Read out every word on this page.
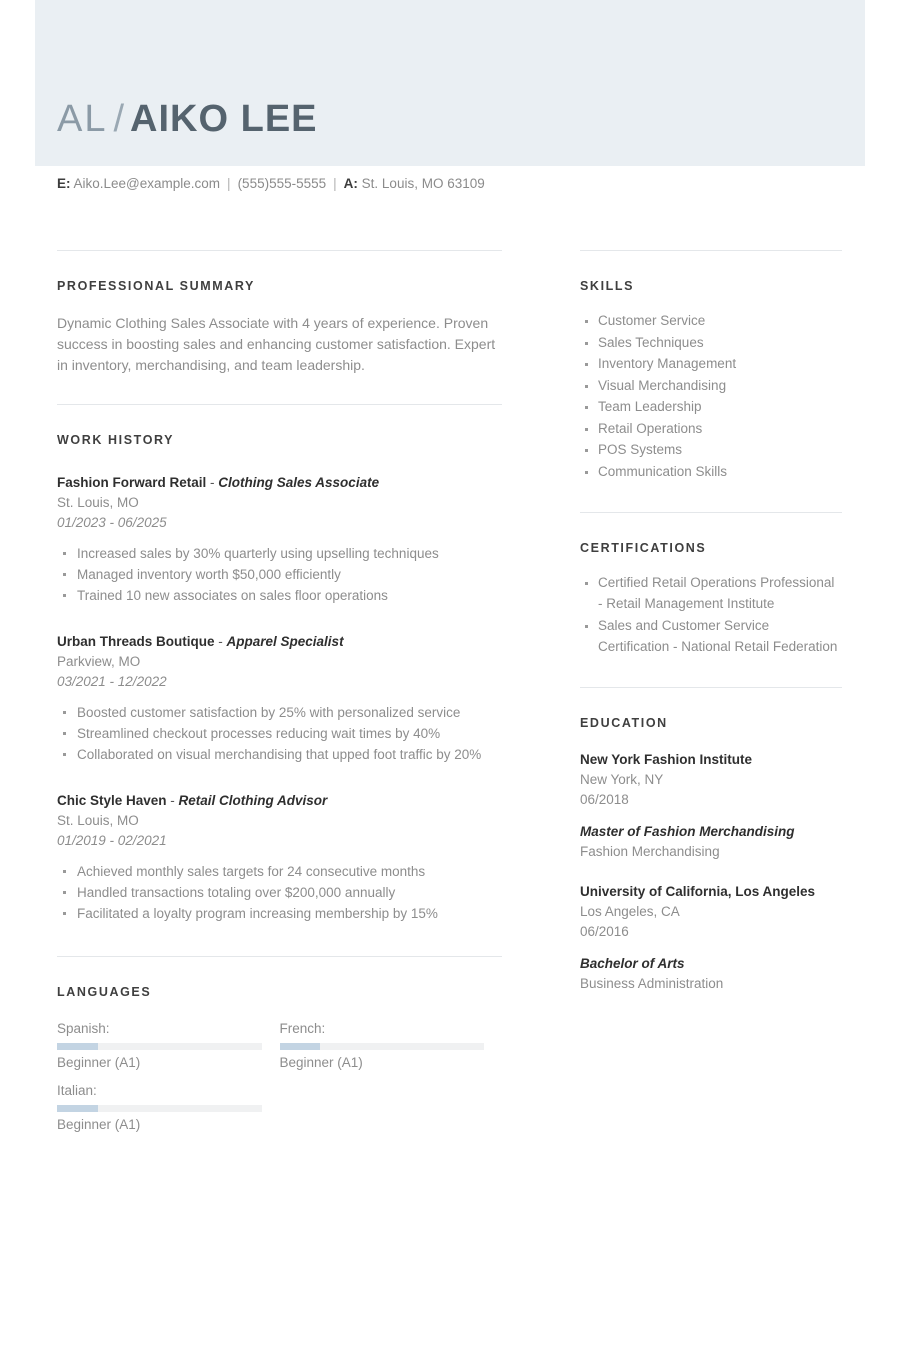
AL / AIKO LEE
E: Aiko.Lee@example.com | (555)555-5555 | A: St. Louis, MO 63109
PROFESSIONAL SUMMARY
Dynamic Clothing Sales Associate with 4 years of experience. Proven success in boosting sales and enhancing customer satisfaction. Expert in inventory, merchandising, and team leadership.
WORK HISTORY
Fashion Forward Retail - Clothing Sales Associate
St. Louis, MO
01/2023 - 06/2025
Increased sales by 30% quarterly using upselling techniques
Managed inventory worth $50,000 efficiently
Trained 10 new associates on sales floor operations
Urban Threads Boutique - Apparel Specialist
Parkview, MO
03/2021 - 12/2022
Boosted customer satisfaction by 25% with personalized service
Streamlined checkout processes reducing wait times by 40%
Collaborated on visual merchandising that upped foot traffic by 20%
Chic Style Haven - Retail Clothing Advisor
St. Louis, MO
01/2019 - 02/2021
Achieved monthly sales targets for 24 consecutive months
Handled transactions totaling over $200,000 annually
Facilitated a loyalty program increasing membership by 15%
LANGUAGES
Spanish:
Beginner (A1)
French:
Beginner (A1)
Italian:
Beginner (A1)
SKILLS
Customer Service
Sales Techniques
Inventory Management
Visual Merchandising
Team Leadership
Retail Operations
POS Systems
Communication Skills
CERTIFICATIONS
Certified Retail Operations Professional - Retail Management Institute
Sales and Customer Service Certification - National Retail Federation
EDUCATION
New York Fashion Institute
New York, NY
06/2018
Master of Fashion Merchandising
Fashion Merchandising
University of California, Los Angeles
Los Angeles, CA
06/2016
Bachelor of Arts
Business Administration
